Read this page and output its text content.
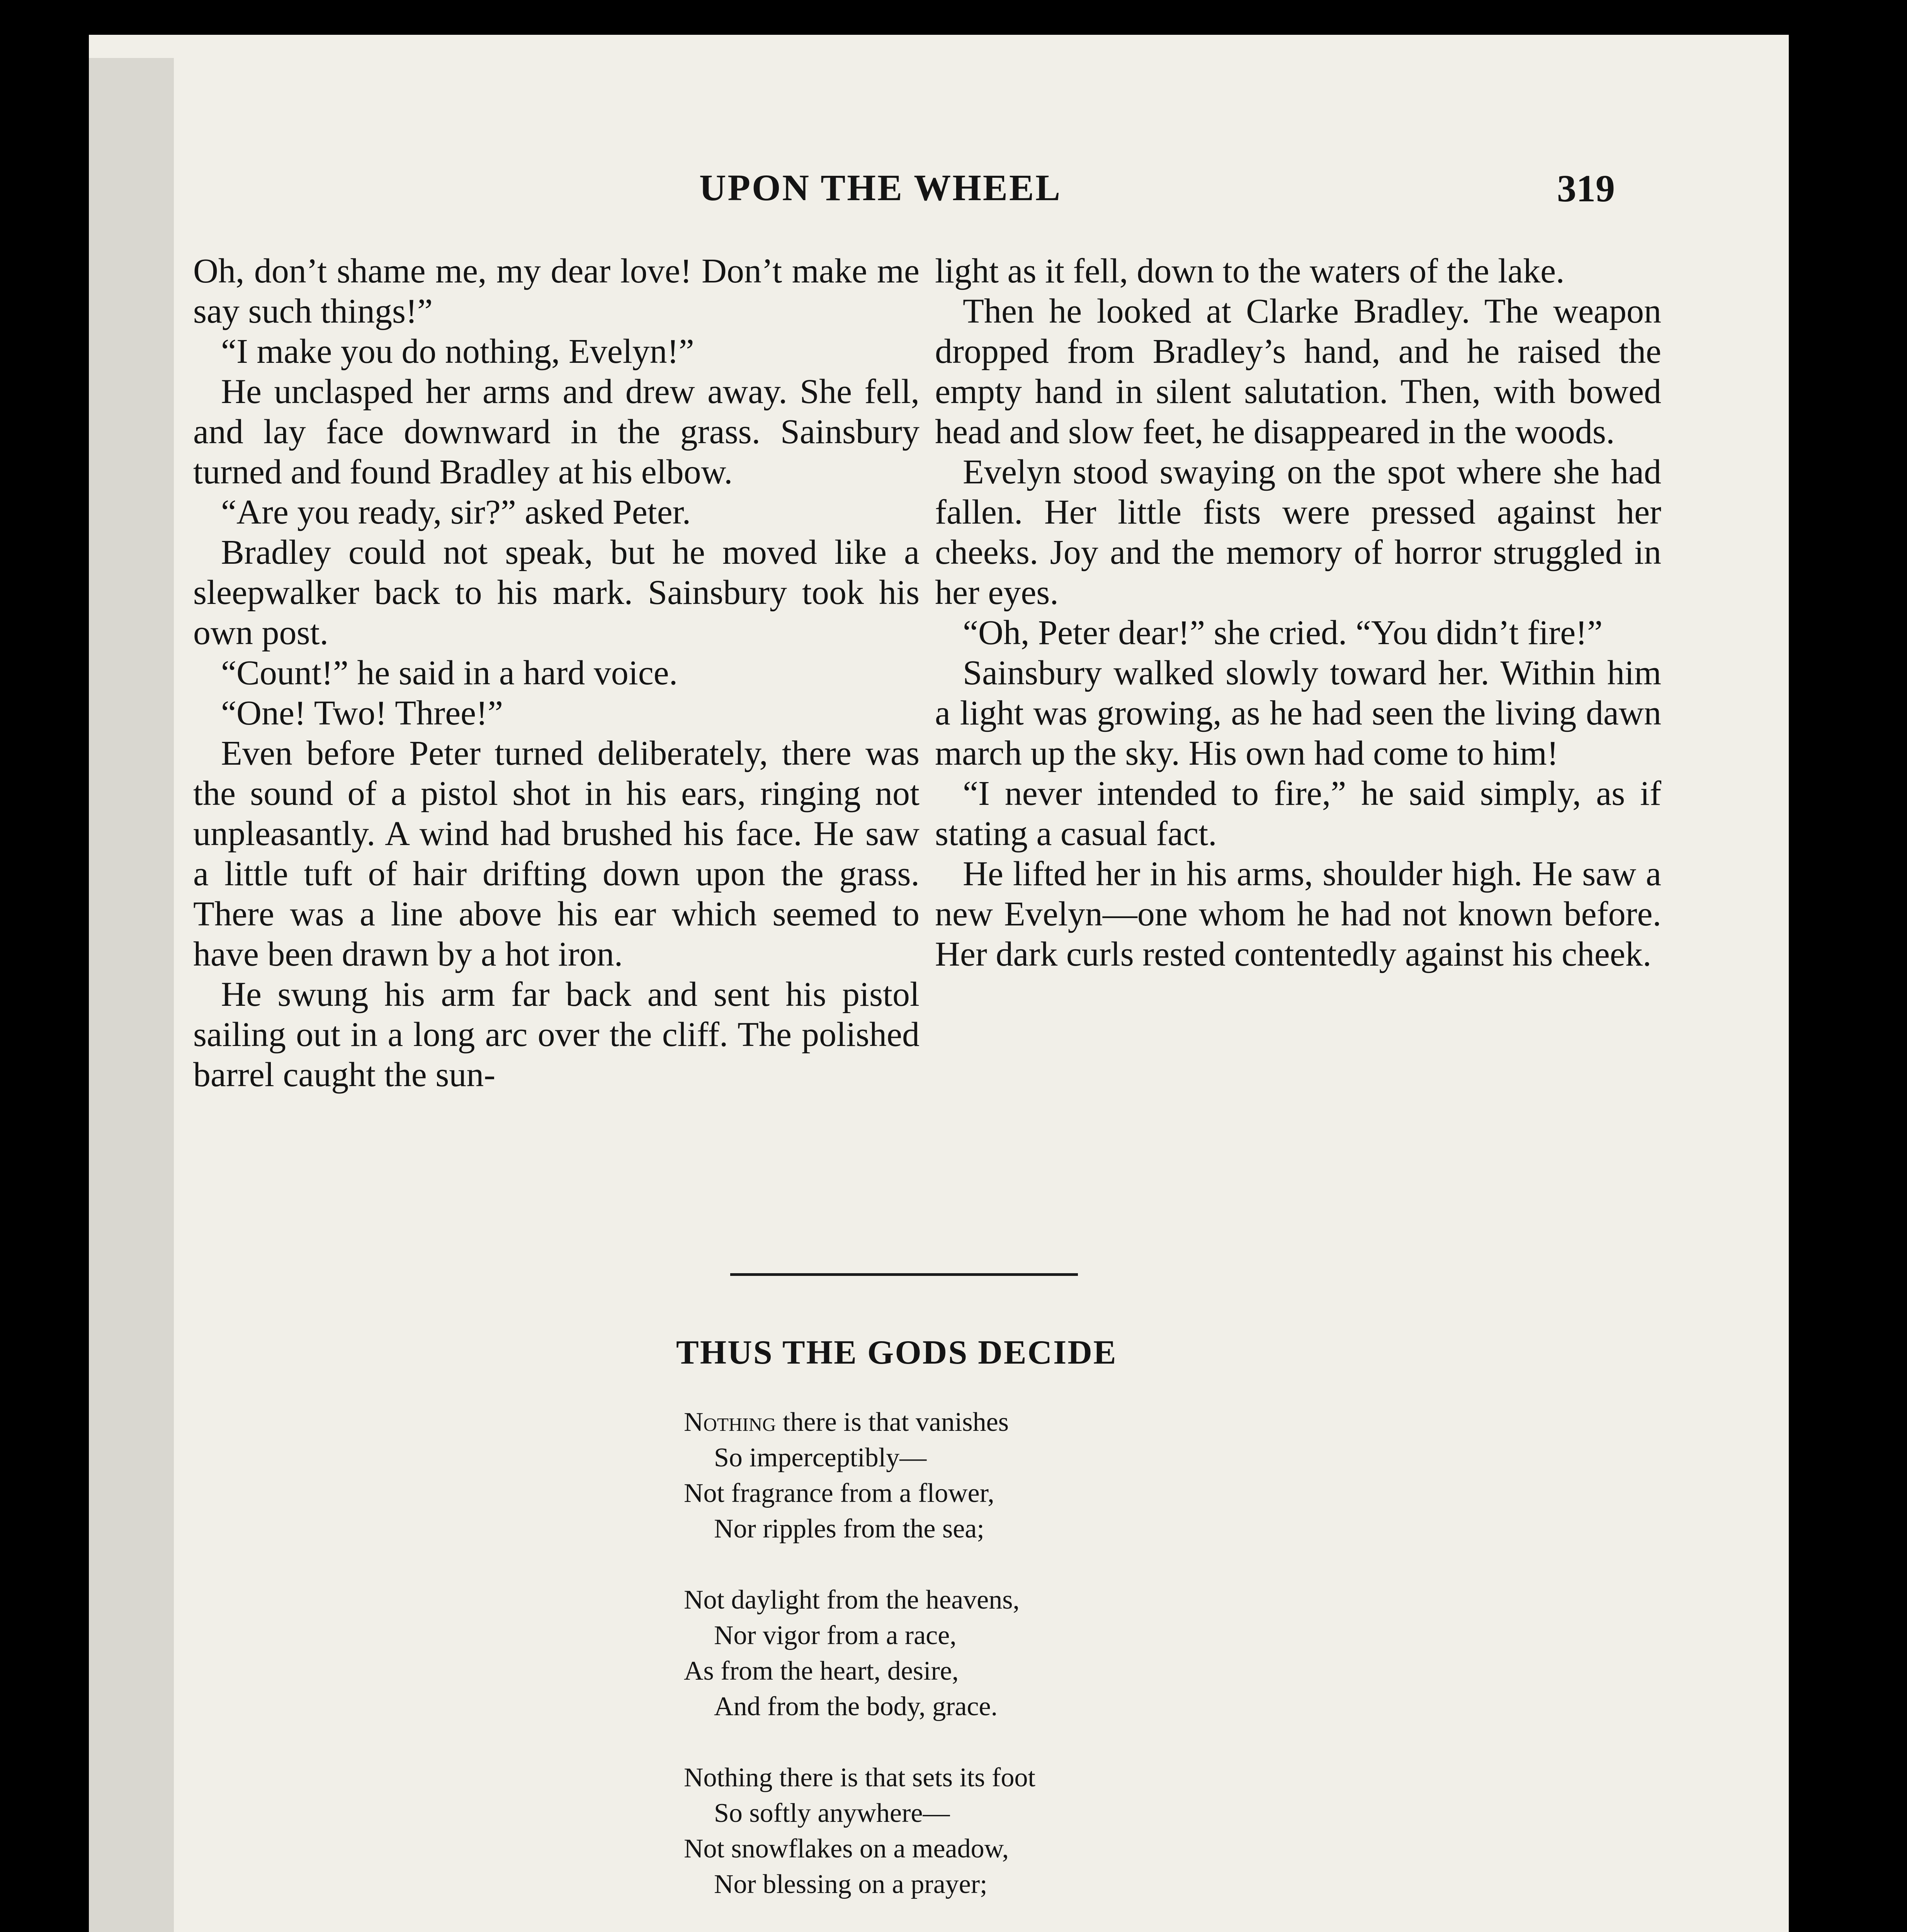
UPON THE WHEEL	319

Oh, don’t shame me, my dear love! Don’t make me say such things!”

“I make you do nothing, Evelyn!”

He unclasped her arms and drew away. She fell, and lay face downward in the grass. Sainsbury turned and found Bradley at his elbow.

“Are you ready, sir?” asked Peter.

Bradley could not speak, but he moved like a sleepwalker back to his mark. Sainsbury took his own post.

“Count!” he said in a hard voice.

“One! Two! Three!”

Even before Peter turned deliberately, there was the sound of a pistol shot in his ears, ringing not unpleasantly. A wind had brushed his face. He saw a little tuft of hair drifting down upon the grass. There was a line above his ear which seemed to have been drawn by a hot iron.

He swung his arm far back and sent his pistol sailing out in a long arc over the cliff. The polished barrel caught the sun-

light as it fell, down to the waters of the lake.

Then he looked at Clarke Bradley. The weapon dropped from Bradley’s hand, and he raised the empty hand in silent salutation. Then, with bowed head and slow feet, he disappeared in the woods.

Evelyn stood swaying on the spot where she had fallen. Her little fists were pressed against her cheeks. Joy and the memory of horror struggled in her eyes.

“Oh, Peter dear!” she cried. “You didn’t fire!”

Sainsbury walked slowly toward her. Within him a light was growing, as he had seen the living dawn march up the sky. His own had come to him!

“I never intended to fire,” he said simply, as if stating a casual fact.

He lifted her in his arms, shoulder high. He saw a new Evelyn—one whom he had not known before. Her dark curls rested contentedly against his cheek.

THUS THE GODS DECIDE
Nothing there is that vanishes
So imperceptibly—
Not fragrance from a flower,
Nor ripples from the sea;
Not daylight from the heavens,
Nor vigor from a race,
As from the heart, desire,
And from the body, grace.
Nothing there is that sets its foot
So softly anywhere—
Not snowflakes on a meadow,
Nor blessing on a prayer;
